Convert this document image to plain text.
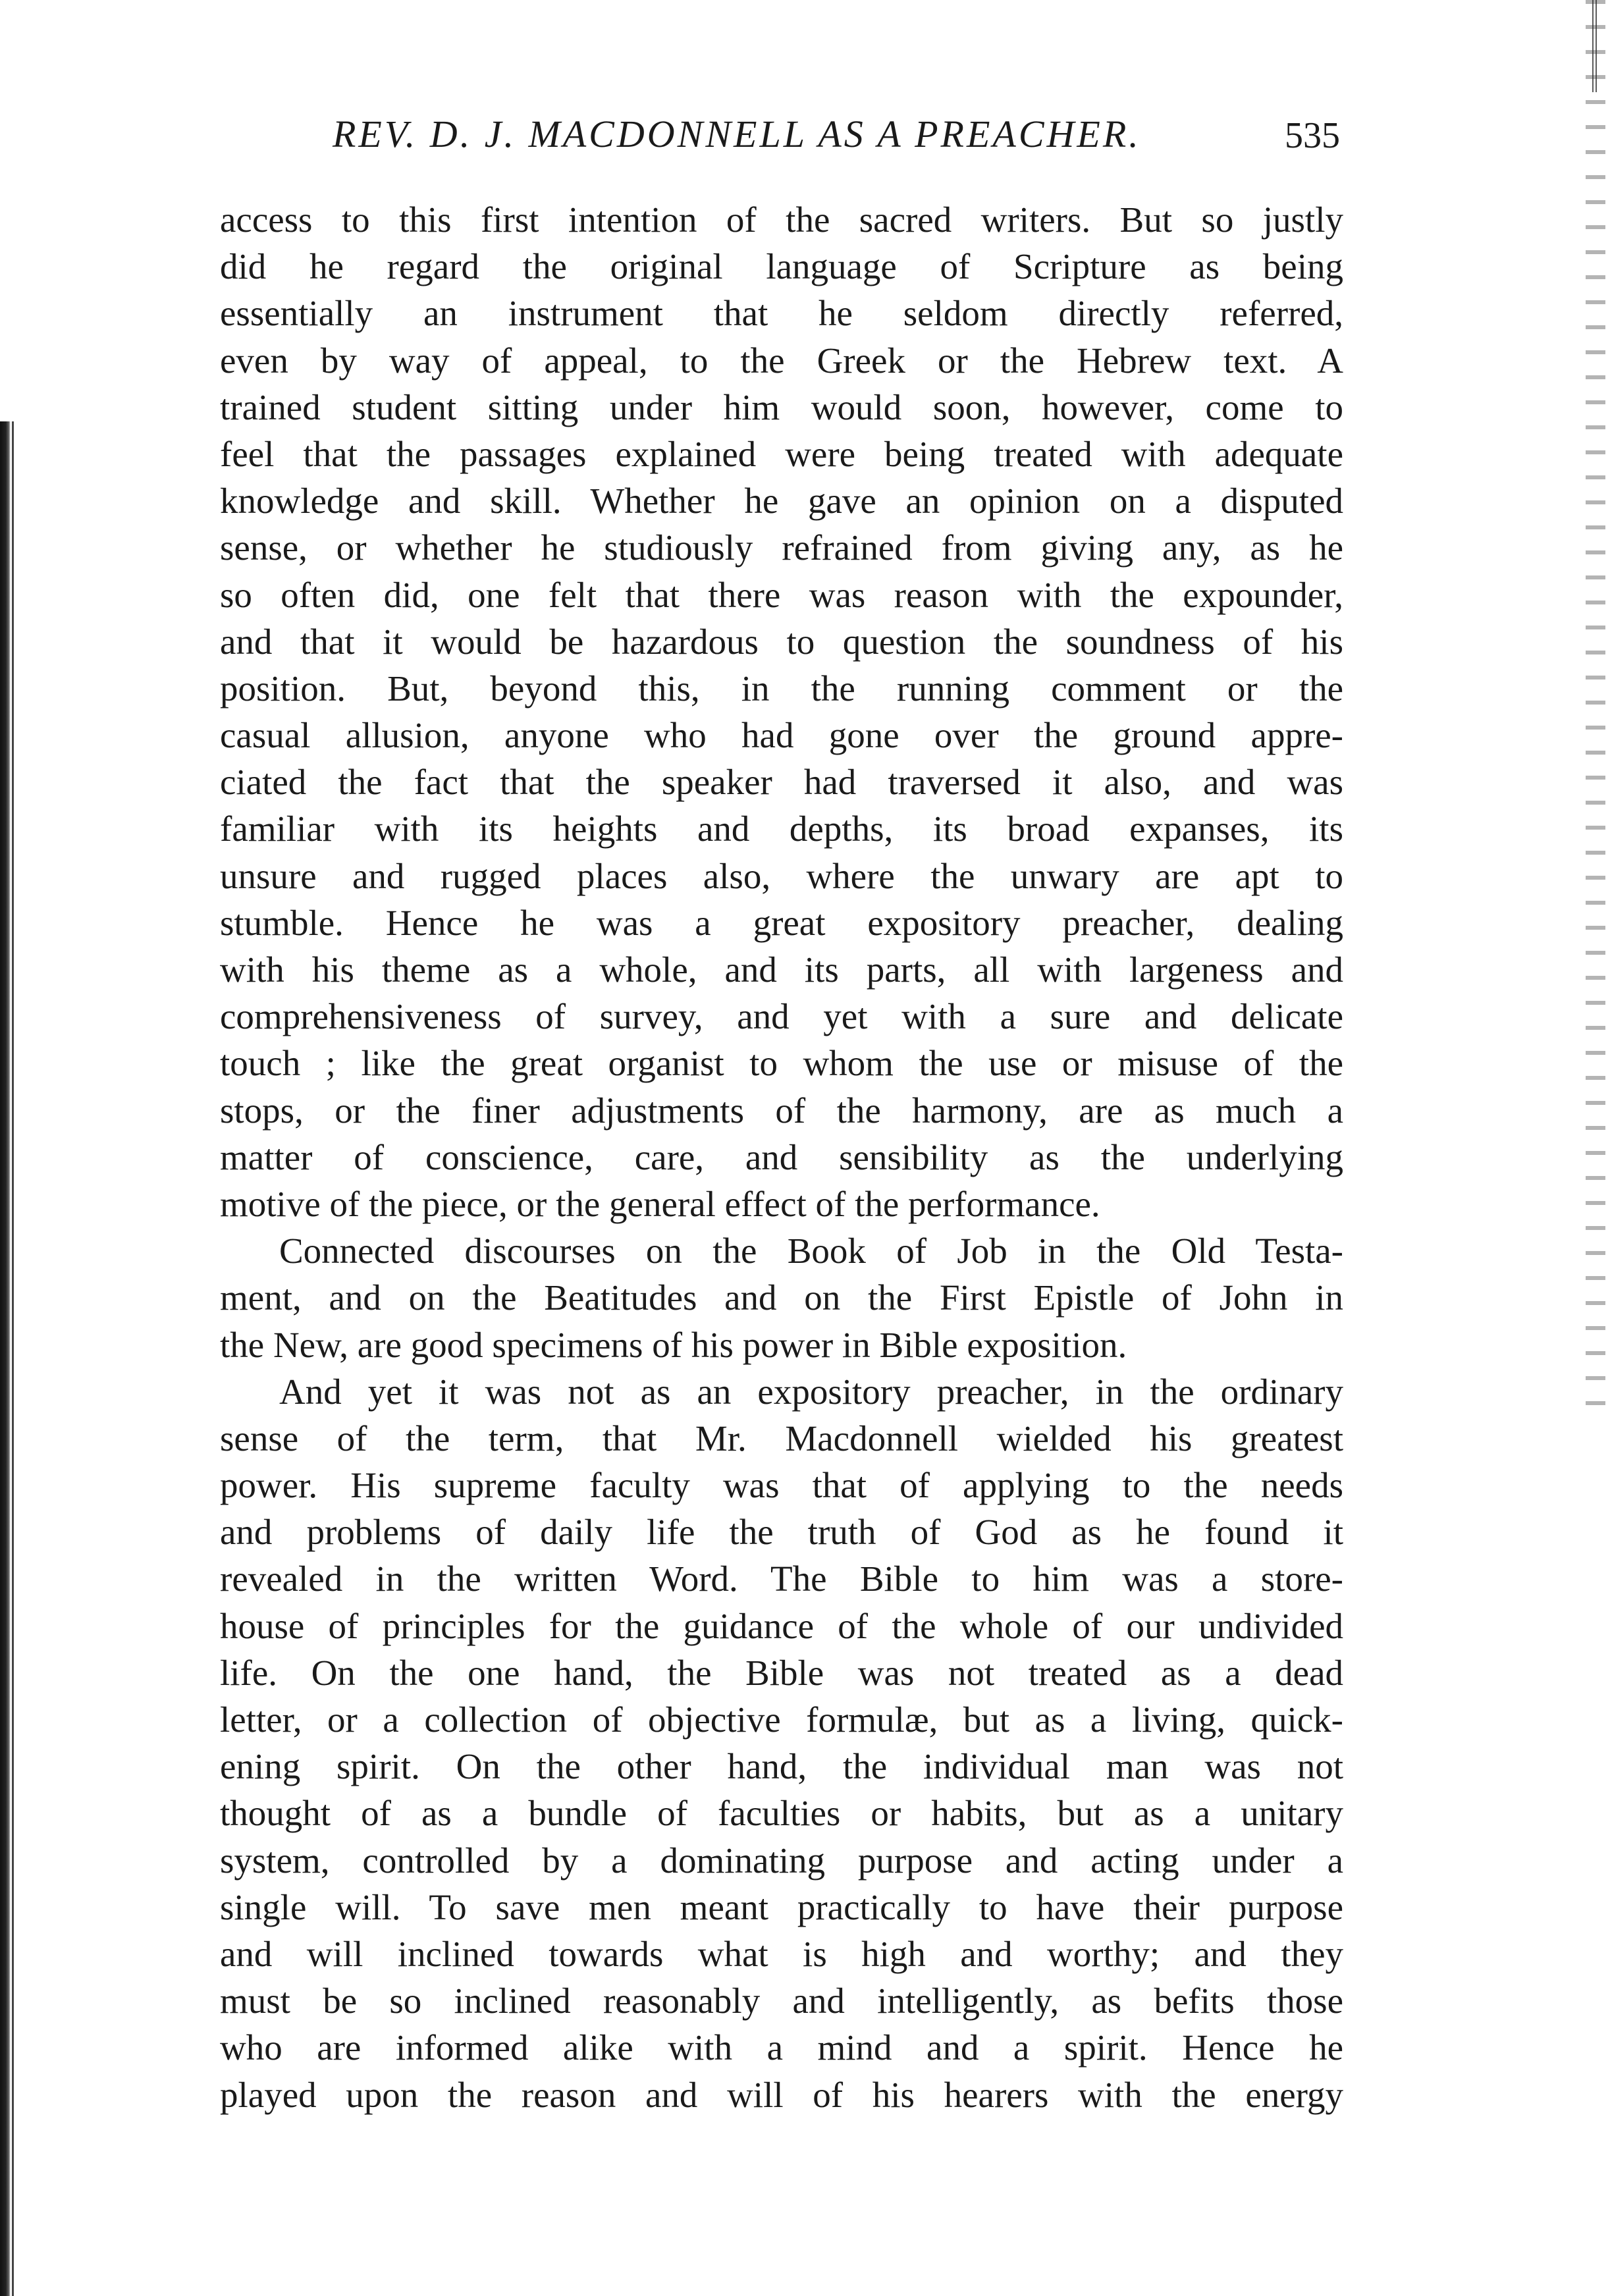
REV. D. J. MACDONNELL AS A PREACHER.	535
access to this first intention of the sacred writers. But so justly
did he regard the original language of Scripture as being
essentially an instrument that he seldom directly referred,
even by way of appeal, to the Greek or the Hebrew text. A
trained student sitting under him would soon, however, come to
feel that the passages explained were being treated with adequate
knowledge and skill. Whether he gave an opinion on a disputed
sense, or whether he studiously refrained from giving any, as he
so often did, one felt that there was reason with the expounder,
and that it would be hazardous to question the soundness of his
position. But, beyond this, in the running comment or the
casual allusion, anyone who had gone over the ground appre-
ciated the fact that the speaker had traversed it also, and was
familiar with its heights and depths, its broad expanses, its
unsure and rugged places also, where the unwary are apt to
stumble. Hence he was a great expository preacher, dealing
with his theme as a whole, and its parts, all with largeness and
comprehensiveness of survey, and yet with a sure and delicate
touch ; like the great organist to whom the use or misuse of the
stops, or the finer adjustments of the harmony, are as much a
matter of conscience, care, and sensibility as the underlying
motive of the piece, or the general effect of the performance.
Connected discourses on the Book of Job in the Old Testa-
ment, and on the Beatitudes and on the First Epistle of John in
the New, are good specimens of his power in Bible exposition.
And yet it was not as an expository preacher, in the ordinary
sense of the term, that Mr. Macdonnell wielded his greatest
power. His supreme faculty was that of applying to the needs
and problems of daily life the truth of God as he found it
revealed in the written Word. The Bible to him was a store-
house of principles for the guidance of the whole of our undivided
life. On the one hand, the Bible was not treated as a dead
letter, or a collection of objective formulæ, but as a living, quick-
ening spirit. On the other hand, the individual man was not
thought of as a bundle of faculties or habits, but as a unitary
system, controlled by a dominating purpose and acting under a
single will. To save men meant practically to have their purpose
and will inclined towards what is high and worthy; and they
must be so inclined reasonably and intelligently, as befits those
who are informed alike with a mind and a spirit. Hence he
played upon the reason and will of his hearers with the energy
